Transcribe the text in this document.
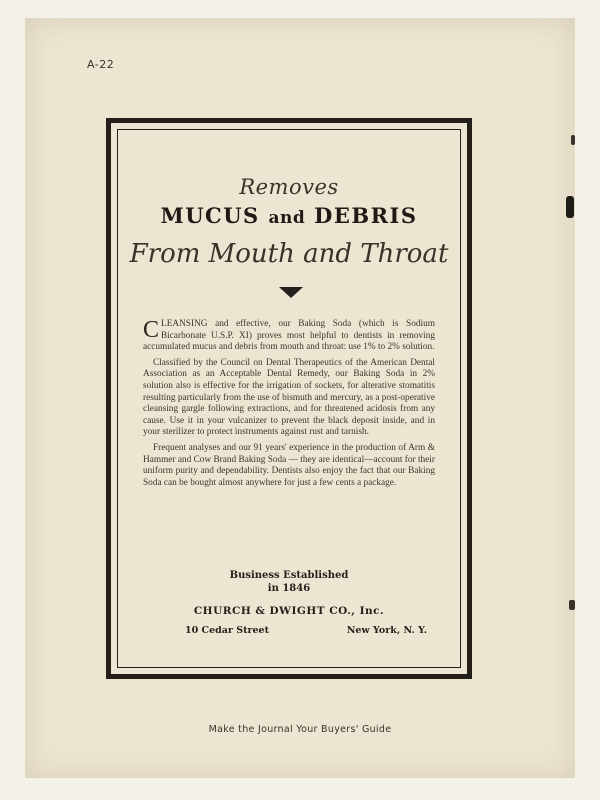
A-22
Removes
MUCUS and DEBRIS
From Mouth and Throat

CLEANSING and effective, our Baking Soda (which is Sodium Bicarbonate U.S.P. XI) proves most helpful to dentists in removing accumulated mucus and debris from mouth and throat: use 1% to 2% solution.

Classified by the Council on Dental Therapeutics of the American Dental Association as an Acceptable Dental Remedy, our Baking Soda in 2% solution also is effective for the irrigation of sockets, for alterative stomatitis resulting particularly from the use of bismuth and mercury, as a post-operative cleansing gargle following extractions, and for threatened acidosis from any cause. Use it in your vulcanizer to prevent the black deposit inside, and in your sterilizer to protect instruments against rust and tarnish.

Frequent analyses and our 91 years' experience in the production of Arm & Hammer and Cow Brand Baking Soda — they are identical—account for their uniform purity and dependability. Dentists also enjoy the fact that our Baking Soda can be bought almost anywhere for just a few cents a package.

Business Established
in 1846
CHURCH & DWIGHT CO., Inc.
10 Cedar Street	New York, N. Y.
Make the Journal Your Buyers' Guide
